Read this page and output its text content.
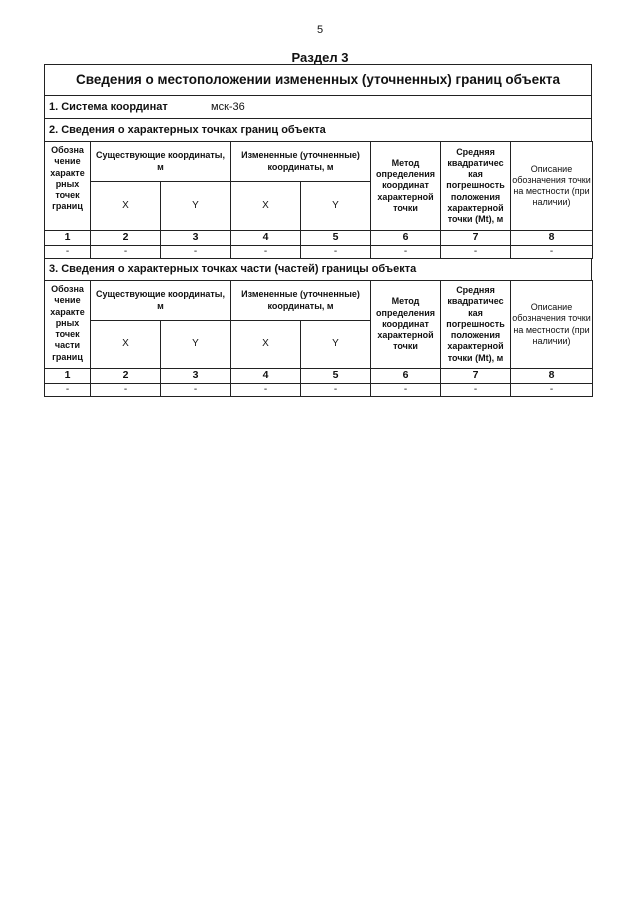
5
Раздел 3
Сведения о местоположении измененных (уточненных) границ объекта
1. Система координат	мск-36
2. Сведения о характерных точках границ объекта
Обозна чение характе рных точек границ	Существующие координаты, м		Измененные (уточненные) координаты, м		Метод определения координат характерной точки	Средняя квадратичес кая погрешность положения характерной точки (Mt), м	Описание обозначения точки на местности (при наличии)
	X	Y	X	Y			
1	2	3	4	5	6	7	8
-	-	-	-	-	-	-	-
3. Сведения о характерных точках части (частей) границы объекта
Обозна чение характе рных точек части границ	Существующие координаты, м		Измененные (уточненные) координаты, м		Метод определения координат характерной точки	Средняя квадратичес кая погрешность положения характерной точки (Mt), м	Описание обозначения точки на местности (при наличии)
	X	Y	X	Y			
1	2	3	4	5	6	7	8
-	-	-	-	-	-	-	-
